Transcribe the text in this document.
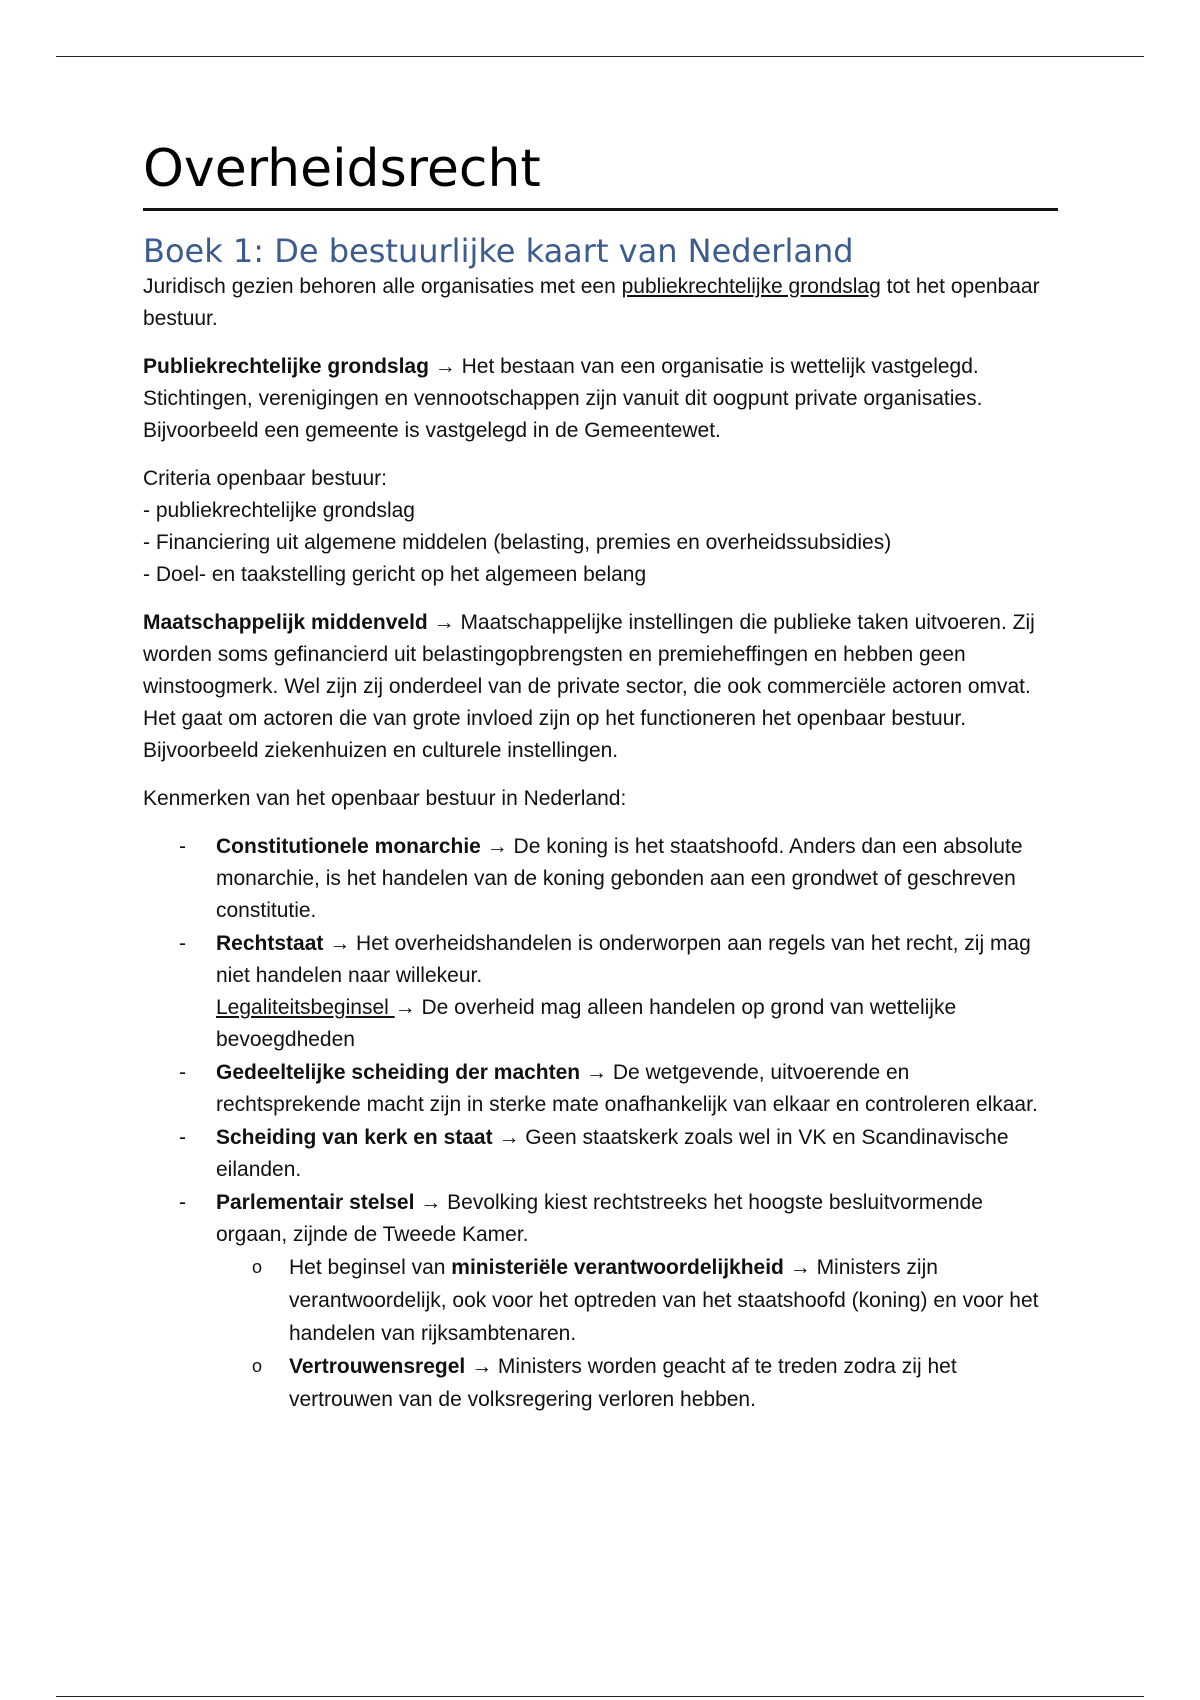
Overheidsrecht
Boek 1: De bestuurlijke kaart van Nederland

Juridisch gezien behoren alle organisaties met een publiekrechtelijke grondslag tot het openbaar bestuur.

Publiekrechtelijke grondslag → Het bestaan van een organisatie is wettelijk vastgelegd. Stichtingen, verenigingen en vennootschappen zijn vanuit dit oogpunt private organisaties.
Bijvoorbeeld een gemeente is vastgelegd in de Gemeentewet.

Criteria openbaar bestuur:
- publiekrechtelijke grondslag
- Financiering uit algemene middelen (belasting, premies en overheidssubsidies)
- Doel- en taakstelling gericht op het algemeen belang

Maatschappelijk middenveld → Maatschappelijke instellingen die publieke taken uitvoeren. Zij worden soms gefinancierd uit belastingopbrengsten en premieheffingen en hebben geen winstoogmerk. Wel zijn zij onderdeel van de private sector, die ook commerciële actoren omvat. Het gaat om actoren die van grote invloed zijn op het functioneren het openbaar bestuur.
Bijvoorbeeld ziekenhuizen en culturele instellingen.

Kenmerken van het openbaar bestuur in Nederland:

- Constitutionele monarchie → De koning is het staatshoofd. Anders dan een absolute monarchie, is het handelen van de koning gebonden aan een grondwet of geschreven constitutie.
- Rechtstaat → Het overheidshandelen is onderworpen aan regels van het recht, zij mag niet handelen naar willekeur.
Legaliteitsbeginsel → De overheid mag alleen handelen op grond van wettelijke bevoegdheden
- Gedeeltelijke scheiding der machten → De wetgevende, uitvoerende en rechtsprekende macht zijn in sterke mate onafhankelijk van elkaar en controleren elkaar.
- Scheiding van kerk en staat → Geen staatskerk zoals wel in VK en Scandinavische eilanden.
- Parlementair stelsel → Bevolking kiest rechtstreeks het hoogste besluitvormende orgaan, zijnde de Tweede Kamer.
o Het beginsel van ministeriële verantwoordelijkheid → Ministers zijn verantwoordelijk, ook voor het optreden van het staatshoofd (koning) en voor het handelen van rijksambtenaren.
o Vertrouwensregel → Ministers worden geacht af te treden zodra zij het vertrouwen van de volksregering verloren hebben.
